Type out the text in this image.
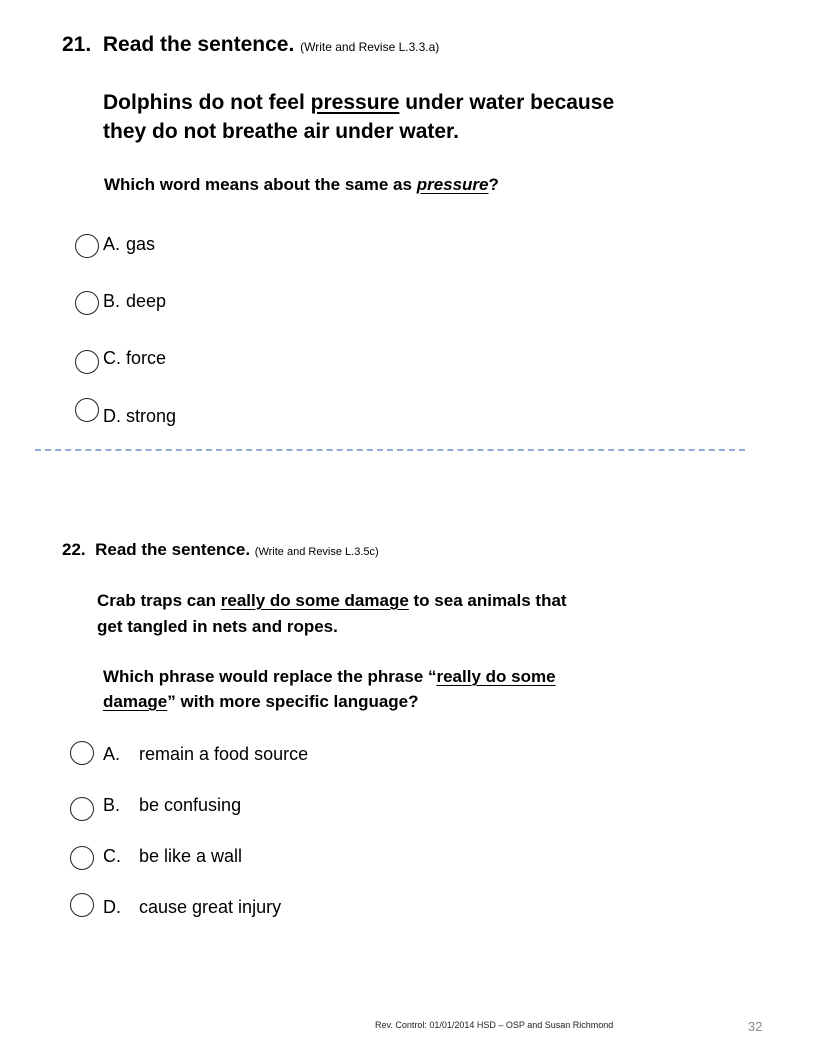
21. Read the sentence. (Write and Revise L.3.3.a)
Dolphins do not feel pressure under water because
they do not breathe air under water.
Which word means about the same as pressure?
A. gas
B. deep
C. force
D. strong
22. Read the sentence. (Write and Revise L.3.5c)
Crab traps can really do some damage to sea animals that
get tangled in nets and ropes.
Which phrase would replace the phrase “really do some
damage” with more specific language?
A. remain a food source
B. be confusing
C. be like a wall
D. cause great injury
Rev. Control: 01/01/2014 HSD – OSP and Susan Richmond	32
